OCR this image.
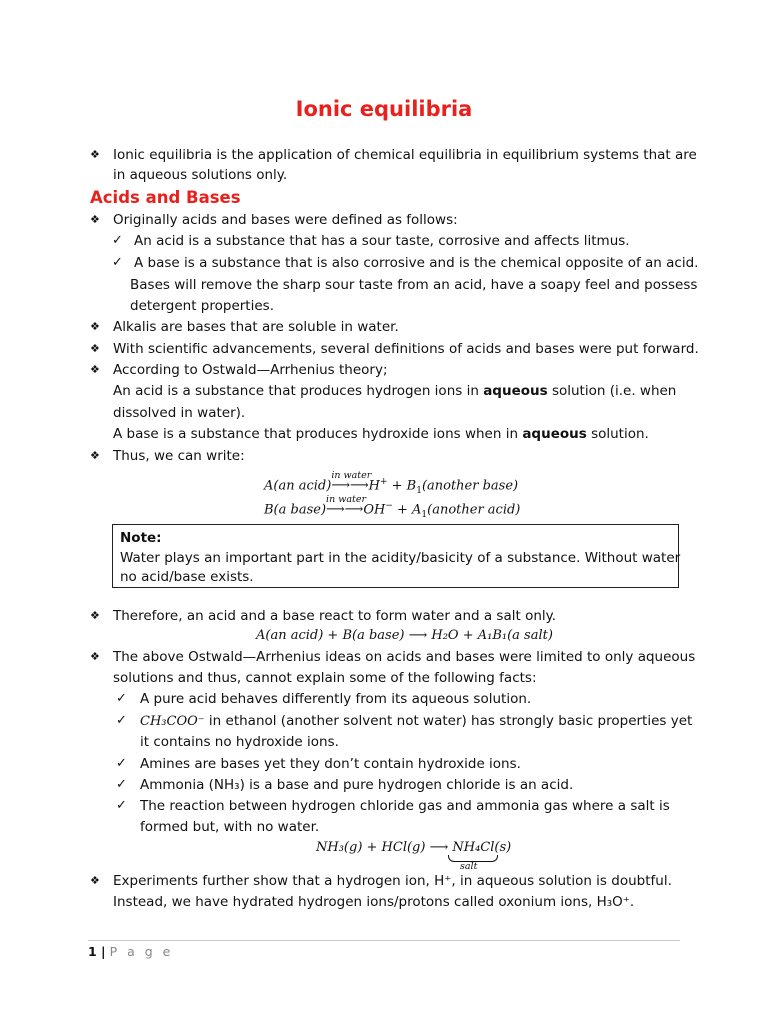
Ionic equilibria
❖ Ionic equilibria is the application of chemical equilibria in equilibrium systems that are
in aqueous solutions only.
Acids and Bases
❖ Originally acids and bases were defined as follows:
✓ An acid is a substance that has a sour taste, corrosive and affects litmus.
✓ A base is a substance that is also corrosive and is the chemical opposite of an acid.
Bases will remove the sharp sour taste from an acid, have a soapy feel and possess
detergent properties.
❖ Alkalis are bases that are soluble in water.
❖ With scientific advancements, several definitions of acids and bases were put forward.
❖ According to Ostwald—Arrhenius theory;
An acid is a substance that produces hydrogen ions in aqueous solution (i.e. when
dissolved in water).
A base is a substance that produces hydroxide ions when in aqueous solution.
❖ Thus, we can write:
A(an acid)
in water
⟶⟶H+ + $B_1(another$ base)
B(a base)
in water
⟶⟶OH− + $A_1(another$ acid)
Note:
Water plays an important part in the acidity/basicity of a substance. Without water
no acid/base exists.
❖ Therefore, an acid and a base react to form water and a salt only.
A(an acid) + B(a base) ⟶ H₂O + A₁B₁(a salt)
❖ The above Ostwald—Arrhenius ideas on acids and bases were limited to only aqueous
solutions and thus, cannot explain some of the following facts:
✓ A pure acid behaves differently from its aqueous solution.
✓ CH₃COO⁻ in ethanol (another solvent not water) has strongly basic properties yet
it contains no hydroxide ions.
✓ Amines are bases yet they don’t contain hydroxide ions.
✓ Ammonia (NH₃) is a base and pure hydrogen chloride is an acid.
✓ The reaction between hydrogen chloride gas and ammonia gas where a salt is
formed but, with no water.
NH₃(g) + HCl(g) ⟶ NH₄Cl(s)
salt
❖ Experiments further show that a hydrogen ion, H⁺, in aqueous solution is doubtful.
Instead, we have hydrated hydrogen ions/protons called oxonium ions, H₃O⁺.
1 | P a g e
